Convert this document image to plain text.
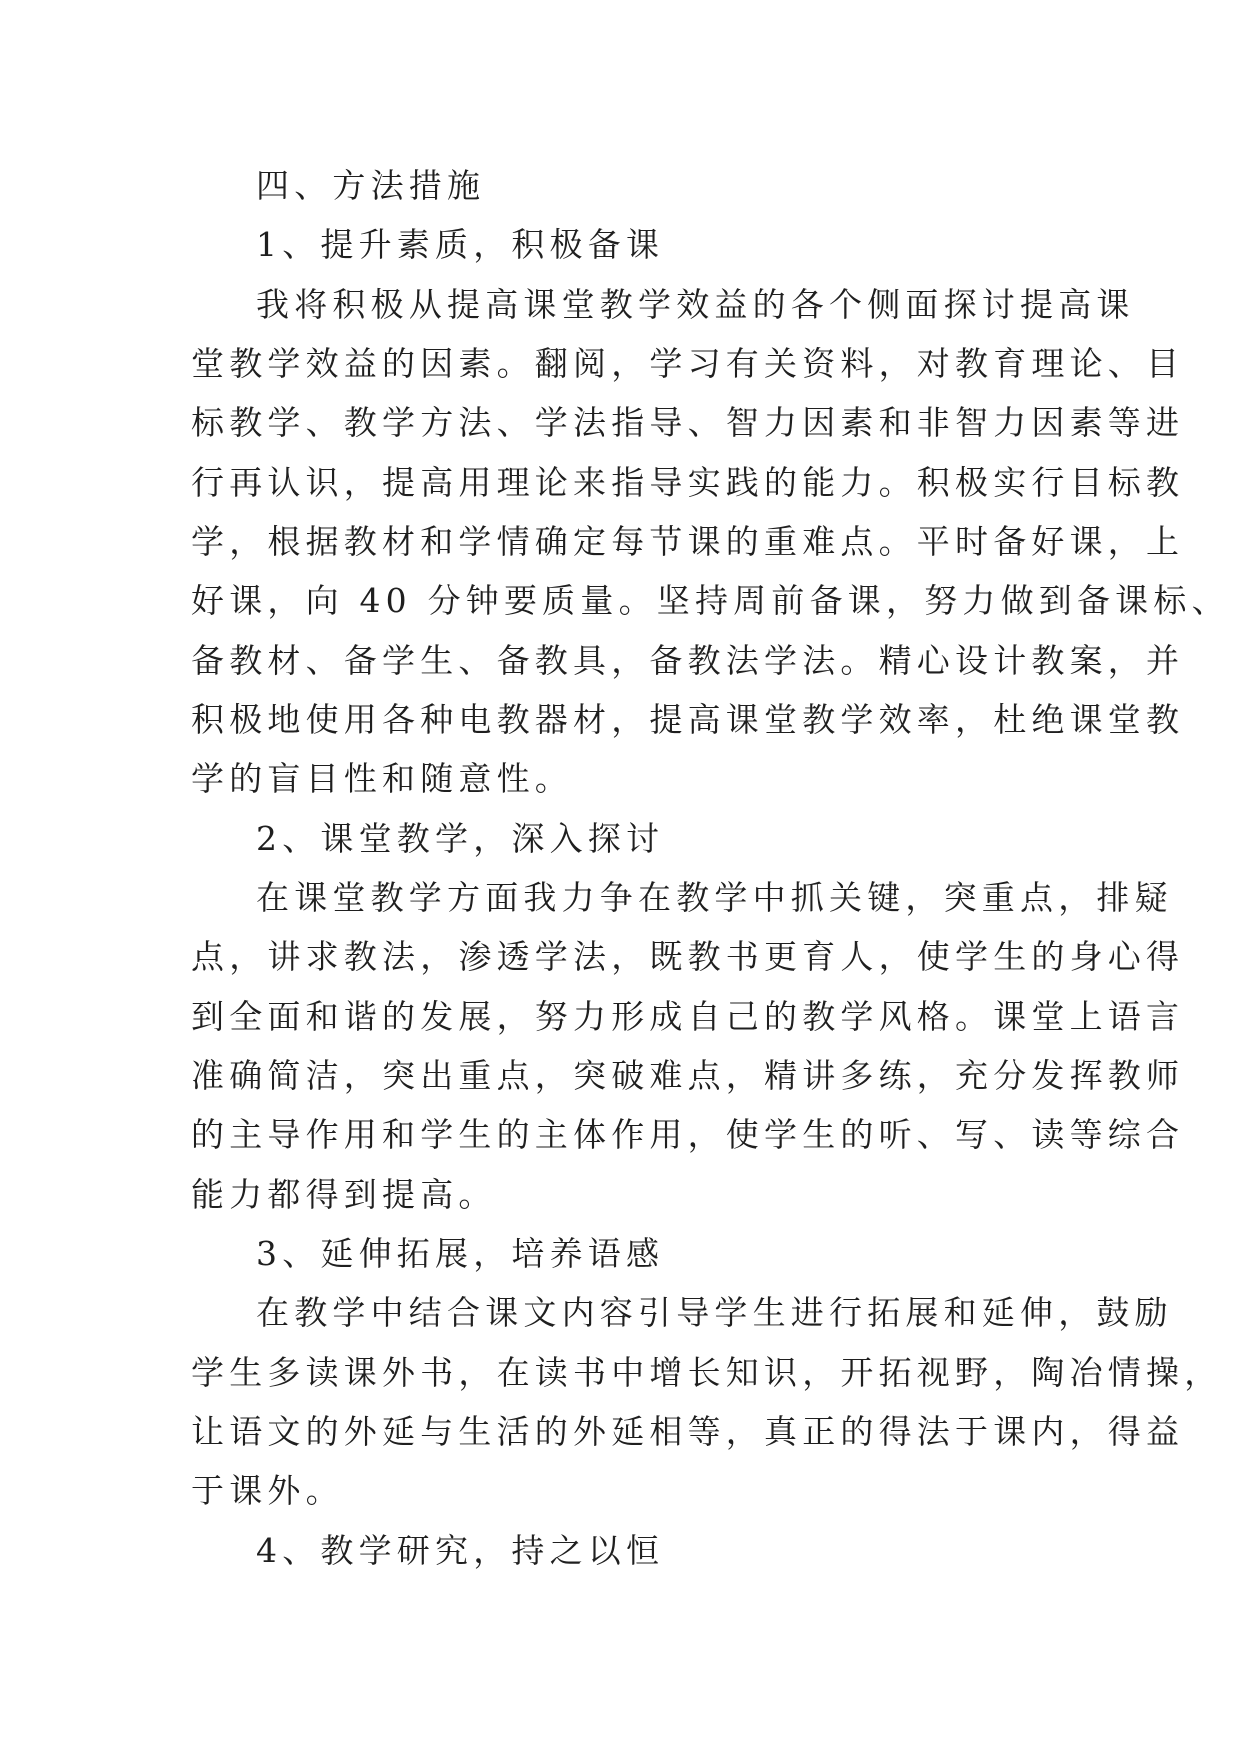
四、方法措施
1、提升素质，积极备课
我将积极从提高课堂教学效益的各个侧面探讨提高课
堂教学效益的因素。翻阅，学习有关资料，对教育理论、目
标教学、教学方法、学法指导、智力因素和非智力因素等进
行再认识，提高用理论来指导实践的能力。积极实行目标教
学，根据教材和学情确定每节课的重难点。平时备好课，上
好课，向 40 分钟要质量。坚持周前备课，努力做到备课标、
备教材、备学生、备教具，备教法学法。精心设计教案，并
积极地使用各种电教器材，提高课堂教学效率，杜绝课堂教
学的盲目性和随意性。
2、课堂教学，深入探讨
在课堂教学方面我力争在教学中抓关键，突重点，排疑
点，讲求教法，渗透学法，既教书更育人，使学生的身心得
到全面和谐的发展，努力形成自己的教学风格。课堂上语言
准确简洁，突出重点，突破难点，精讲多练，充分发挥教师
的主导作用和学生的主体作用，使学生的听、写、读等综合
能力都得到提高。
3、延伸拓展，培养语感
在教学中结合课文内容引导学生进行拓展和延伸，鼓励
学生多读课外书，在读书中增长知识，开拓视野，陶冶情操，
让语文的外延与生活的外延相等，真正的得法于课内，得益
于课外。
4、教学研究，持之以恒
